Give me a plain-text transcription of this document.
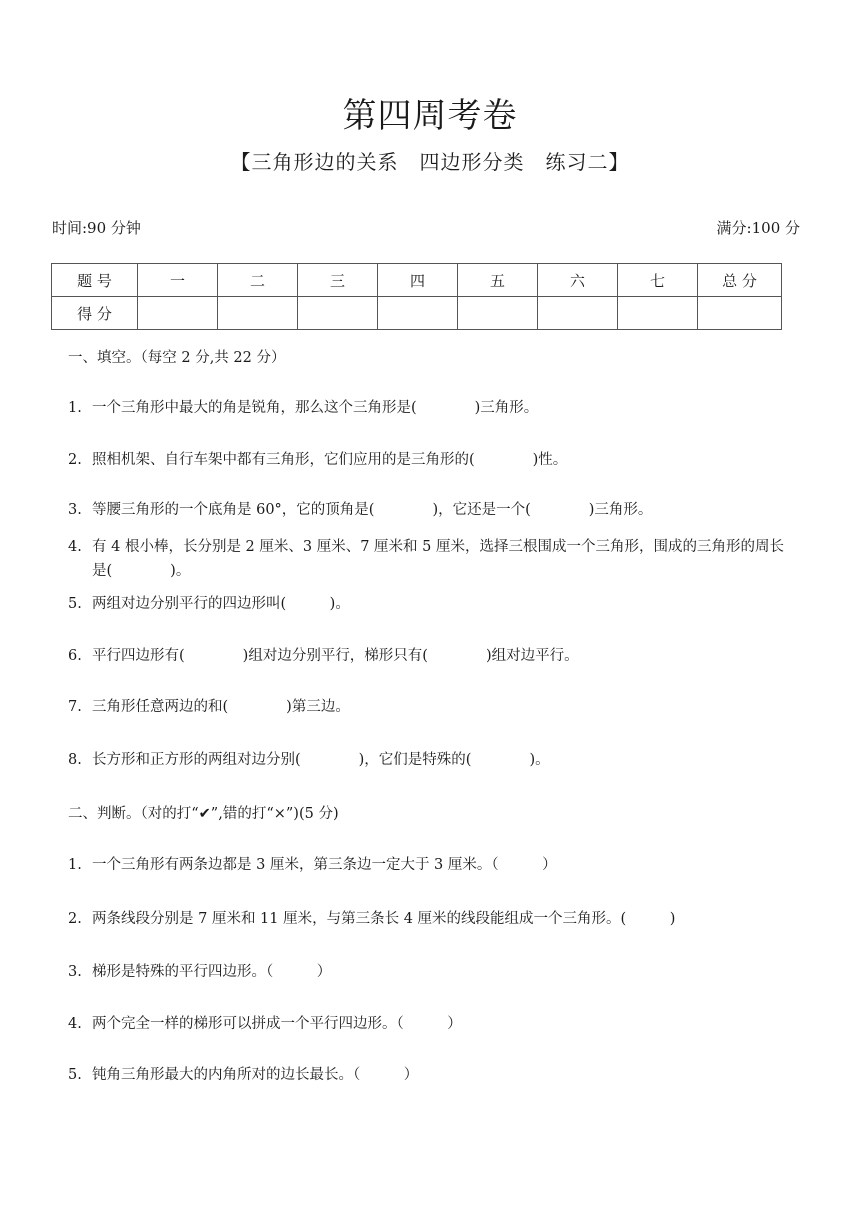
第四周考卷
【三角形边的关系　四边形分类　练习二】
时间:90 分钟	满分:100 分
题 号	一	二	三	四	五	六	七	总 分
得 分								
一、填空。（每空 2 分,共 22 分）
1. 一个三角形中最大的角是锐角，那么这个三角形是(　　　　)三角形。
2. 照相机架、自行车架中都有三角形，它们应用的是三角形的(　　　　)性。
3. 等腰三角形的一个底角是 60°，它的顶角是(　　　　)，它还是一个(　　　　)三角形。
4. 有 4 根小棒，长分别是 2 厘米、3 厘米、7 厘米和 5 厘米，选择三根围成一个三角形，围成的三角形的周长是(　　　　)。
5. 两组对边分别平行的四边形叫(　　　)。
6. 平行四边形有(　　　　)组对边分别平行，梯形只有(　　　　)组对边平行。
7. 三角形任意两边的和(　　　　)第三边。
8. 长方形和正方形的两组对边分别(　　　　)，它们是特殊的(　　　　)。
二、判断。（对的打“✔”,错的打“×”)(5 分)
1. 一个三角形有两条边都是 3 厘米，第三条边一定大于 3 厘米。（　　　）
2. 两条线段分别是 7 厘米和 11 厘米，与第三条长 4 厘米的线段能组成一个三角形。(　　　)
3. 梯形是特殊的平行四边形。（　　　）
4. 两个完全一样的梯形可以拼成一个平行四边形。（　　　）
5. 钝角三角形最大的内角所对的边长最长。（　　　）
